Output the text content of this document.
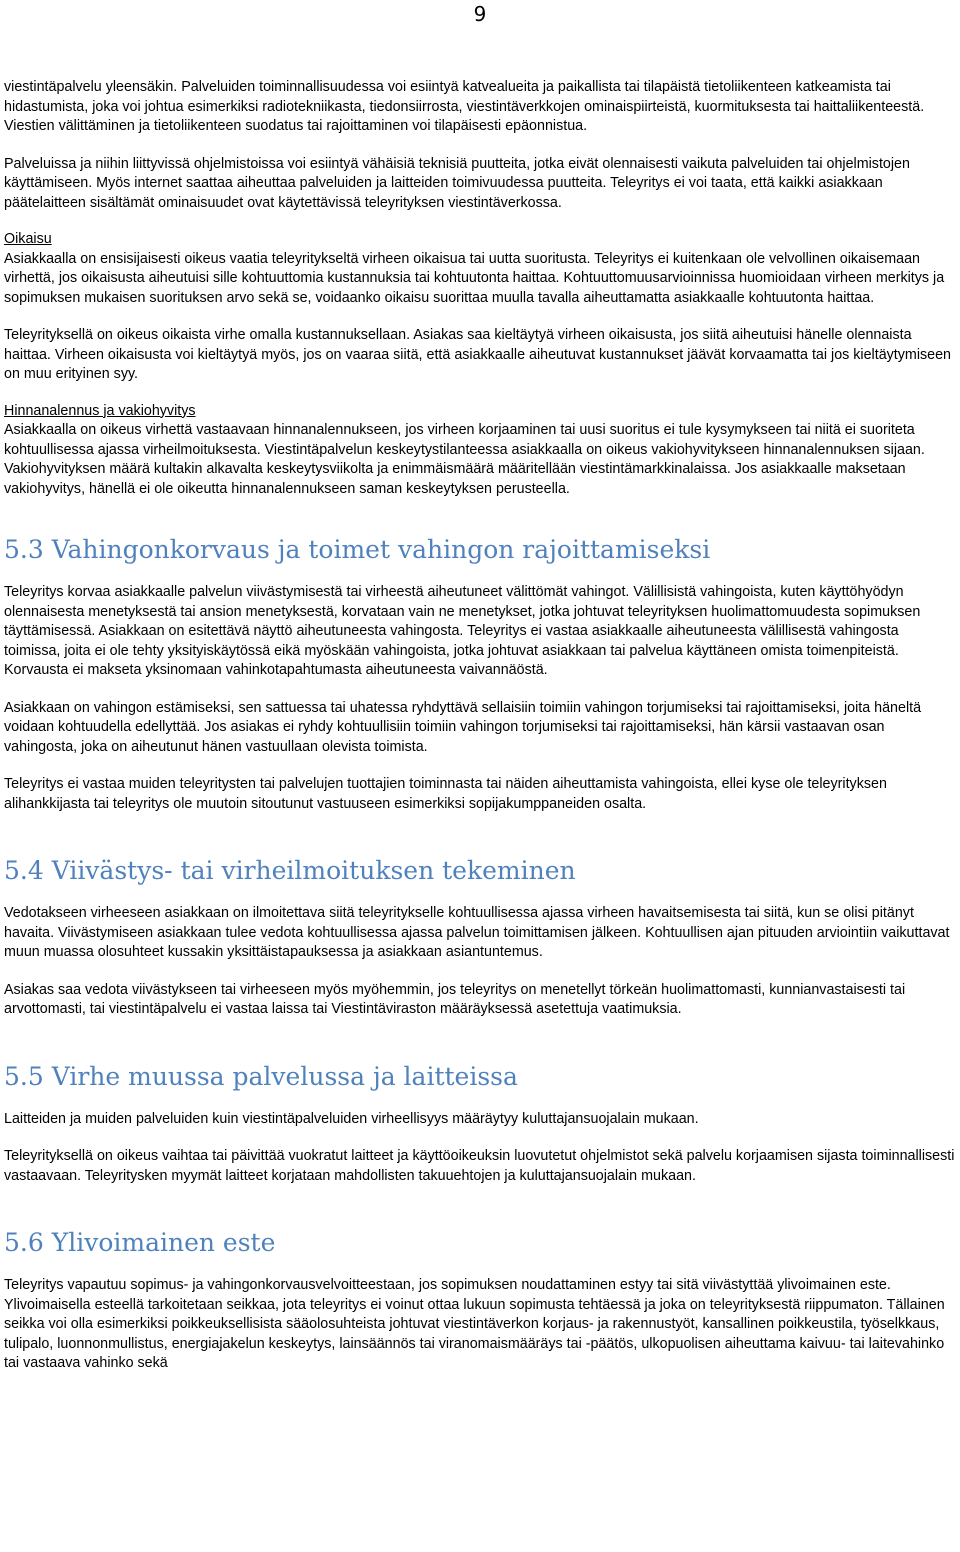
9

viestintäpalvelu yleensäkin. Palveluiden toiminnallisuudessa voi esiintyä katvealueita ja paikallista tai tilapäistä tietoliikenteen katkeamista tai hidastumista, joka voi johtua esimerkiksi radiotekniikasta, tiedonsiirrosta, viestintäverkkojen ominaispiirteistä, kuormituksesta tai haittaliikenteestä. Viestien välittäminen ja tietoliikenteen suodatus tai rajoittaminen voi tilapäisesti epäonnistua.

Palveluissa ja niihin liittyvissä ohjelmistoissa voi esiintyä vähäisiä teknisiä puutteita, jotka eivät olennaisesti vaikuta palveluiden tai ohjelmistojen käyttämiseen. Myös internet saattaa aiheuttaa palveluiden ja laitteiden toimivuudessa puutteita. Teleyritys ei voi taata, että kaikki asiakkaan päätelaitteen sisältämät ominaisuudet ovat käytettävissä teleyrityksen viestintäverkossa.

Oikaisu

Asiakkaalla on ensisijaisesti oikeus vaatia teleyritykseltä virheen oikaisua tai uutta suoritusta. Teleyritys ei kuitenkaan ole velvollinen oikaisemaan virhettä, jos oikaisusta aiheutuisi sille kohtuuttomia kustannuksia tai kohtuutonta haittaa. Kohtuuttomuusarvioinnissa huomioidaan virheen merkitys ja sopimuksen mukaisen suorituksen arvo sekä se, voidaanko oikaisu suorittaa muulla tavalla aiheuttamatta asiakkaalle kohtuutonta haittaa.

Teleyrityksellä on oikeus oikaista virhe omalla kustannuksellaan. Asiakas saa kieltäytyä virheen oikaisusta, jos siitä aiheutuisi hänelle olennaista haittaa. Virheen oikaisusta voi kieltäytyä myös, jos on vaaraa siitä, että asiakkaalle aiheutuvat kustannukset jäävät korvaamatta tai jos kieltäytymiseen on muu erityinen syy.

Hinnanalennus ja vakiohyvitys

Asiakkaalla on oikeus virhettä vastaavaan hinnanalennukseen, jos virheen korjaaminen tai uusi suoritus ei tule kysymykseen tai niitä ei suoriteta kohtuullisessa ajassa virheilmoituksesta. Viestintäpalvelun keskeytystilanteessa asiakkaalla on oikeus vakiohyvitykseen hinnanalennuksen sijaan. Vakiohyvityksen määrä kultakin alkavalta keskeytysviikolta ja enimmäismäärä määritellään viestintämarkkinalaissa. Jos asiakkaalle maksetaan vakiohyvitys, hänellä ei ole oikeutta hinnanalennukseen saman keskeytyksen perusteella.

5.3 Vahingonkorvaus ja toimet vahingon rajoittamiseksi

Teleyritys korvaa asiakkaalle palvelun viivästymisestä tai virheestä aiheutuneet välittömät vahingot. Välillisistä vahingoista, kuten käyttöhyödyn olennaisesta menetyksestä tai ansion menetyksestä, korvataan vain ne menetykset, jotka johtuvat teleyrityksen huolimattomuudesta sopimuksen täyttämisessä. Asiakkaan on esitettävä näyttö aiheutuneesta vahingosta. Teleyritys ei vastaa asiakkaalle aiheutuneesta välillisestä vahingosta toimissa, joita ei ole tehty yksityiskäytössä eikä myöskään vahingoista, jotka johtuvat asiakkaan tai palvelua käyttäneen omista toimenpiteistä. Korvausta ei makseta yksinomaan vahinkotapahtumasta aiheutuneesta vaivannäöstä.

Asiakkaan on vahingon estämiseksi, sen sattuessa tai uhatessa ryhdyttävä sellaisiin toimiin vahingon torjumiseksi tai rajoittamiseksi, joita häneltä voidaan kohtuudella edellyttää. Jos asiakas ei ryhdy kohtuullisiin toimiin vahingon torjumiseksi tai rajoittamiseksi, hän kärsii vastaavan osan vahingosta, joka on aiheutunut hänen vastuullaan olevista toimista.

Teleyritys ei vastaa muiden teleyritysten tai palvelujen tuottajien toiminnasta tai näiden aiheuttamista vahingoista, ellei kyse ole teleyrityksen alihankkijasta tai teleyritys ole muutoin sitoutunut vastuuseen esimerkiksi sopijakumppaneiden osalta.

5.4 Viivästys- tai virheilmoituksen tekeminen

Vedotakseen virheeseen asiakkaan on ilmoitettava siitä teleyritykselle kohtuullisessa ajassa virheen havaitsemisesta tai siitä, kun se olisi pitänyt havaita. Viivästymiseen asiakkaan tulee vedota kohtuullisessa ajassa palvelun toimittamisen jälkeen. Kohtuullisen ajan pituuden arviointiin vaikuttavat muun muassa olosuhteet kussakin yksittäistapauksessa ja asiakkaan asiantuntemus.

Asiakas saa vedota viivästykseen tai virheeseen myös myöhemmin, jos teleyritys on menetellyt törkeän huolimattomasti, kunnianvastaisesti tai arvottomasti, tai viestintäpalvelu ei vastaa laissa tai Viestintäviraston määräyksessä asetettuja vaatimuksia.

5.5 Virhe muussa palvelussa ja laitteissa

Laitteiden ja muiden palveluiden kuin viestintäpalveluiden virheellisyys määräytyy kuluttajansuojalain mukaan.

Teleyrityksellä on oikeus vaihtaa tai päivittää vuokratut laitteet ja käyttöoikeuksin luovutetut ohjelmistot sekä palvelu korjaamisen sijasta toiminnallisesti vastaavaan. Teleyritysken myymät laitteet korjataan mahdollisten takuuehtojen ja kuluttajansuojalain mukaan.

5.6 Ylivoimainen este

Teleyritys vapautuu sopimus- ja vahingonkorvausvelvoitteestaan, jos sopimuksen noudattaminen estyy tai sitä viivästyttää ylivoimainen este. Ylivoimaisella esteellä tarkoitetaan seikkaa, jota teleyritys ei voinut ottaa lukuun sopimusta tehtäessä ja joka on teleyrityksestä riippumaton. Tällainen seikka voi olla esimerkiksi poikkeuksellisista sääolosuhteista johtuvat viestintäverkon korjaus- ja rakennustyöt, kansallinen poikkeustila, työselkkaus, tulipalo, luonnonmullistus, energiajakelun keskeytys, lainsäännös tai viranomaismääräys tai -päätös, ulkopuolisen aiheuttama kaivuu- tai laitevahinko tai vastaava vahinko sekä
